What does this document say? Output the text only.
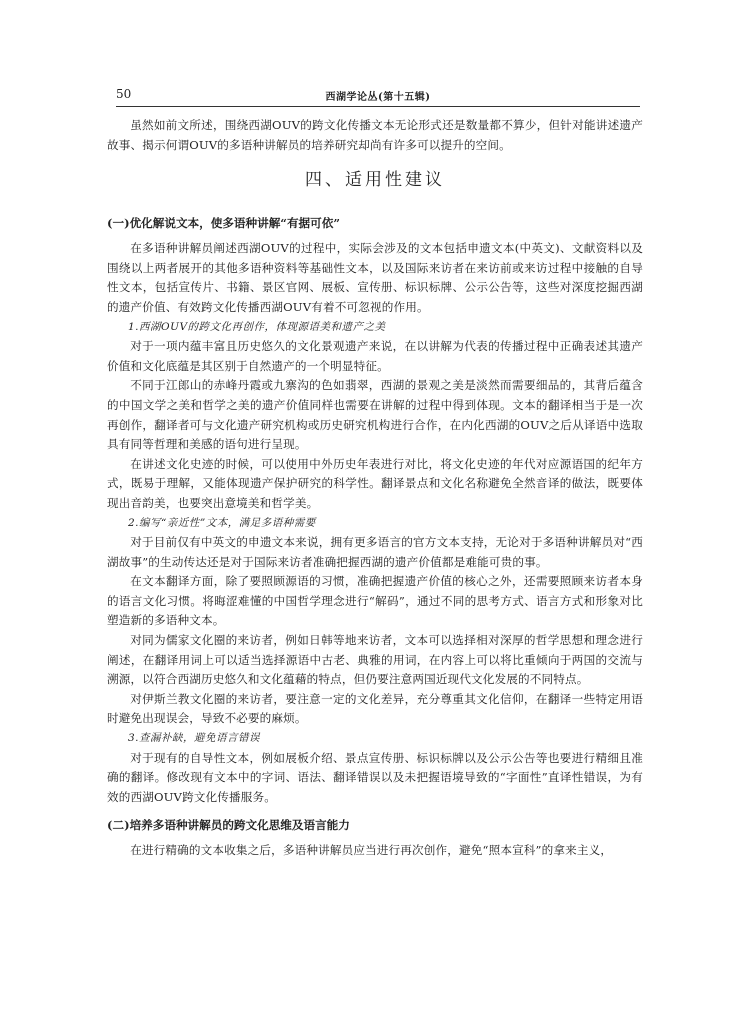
50	西湖学论丛(第十五辑)

虽然如前文所述，围绕西湖OUV的跨文化传播文本无论形式还是数量都不算少，但针对能讲述遗产故事、揭示何谓OUV的多语种讲解员的培养研究却尚有许多可以提升的空间。

四、适用性建议
(一)优化解说文本，使多语种讲解“有据可依”

在多语种讲解员阐述西湖OUV的过程中，实际会涉及的文本包括申遗文本(中英文)、文献资料以及围绕以上两者展开的其他多语种资料等基础性文本，以及国际来访者在来访前或来访过程中接触的自导性文本，包括宣传片、书籍、景区官网、展板、宣传册、标识标牌、公示公告等，这些对深度挖掘西湖的遗产价值、有效跨文化传播西湖OUV有着不可忽视的作用。

1.西湖OUV的跨文化再创作，体现源语美和遗产之美

对于一项内蕴丰富且历史悠久的文化景观遗产来说，在以讲解为代表的传播过程中正确表述其遗产价值和文化底蕴是其区别于自然遗产的一个明显特征。

不同于江郎山的赤峰丹霞或九寨沟的色如翡翠，西湖的景观之美是淡然而需要细品的，其背后蕴含的中国文学之美和哲学之美的遗产价值同样也需要在讲解的过程中得到体现。文本的翻译相当于是一次再创作，翻译者可与文化遗产研究机构或历史研究机构进行合作，在内化西湖的OUV之后从译语中选取具有同等哲理和美感的语句进行呈现。

在讲述文化史迹的时候，可以使用中外历史年表进行对比，将文化史迹的年代对应源语国的纪年方式，既易于理解，又能体现遗产保护研究的科学性。翻译景点和文化名称避免全然音译的做法，既要体现出音韵美，也要突出意境美和哲学美。

2.编写“亲近性”文本，满足多语种需要

对于目前仅有中英文的申遗文本来说，拥有更多语言的官方文本支持，无论对于多语种讲解员对“西湖故事”的生动传达还是对于国际来访者准确把握西湖的遗产价值都是难能可贵的事。

在文本翻译方面，除了要照顾源语的习惯，准确把握遗产价值的核心之外，还需要照顾来访者本身的语言文化习惯。将晦涩难懂的中国哲学理念进行“解码”，通过不同的思考方式、语言方式和形象对比塑造新的多语种文本。

对同为儒家文化圈的来访者，例如日韩等地来访者，文本可以选择相对深厚的哲学思想和理念进行阐述，在翻译用词上可以适当选择源语中古老、典雅的用词，在内容上可以将比重倾向于两国的交流与溯源，以符合西湖历史悠久和文化蕴藉的特点，但仍要注意两国近现代文化发展的不同特点。

对伊斯兰教文化圈的来访者，要注意一定的文化差异，充分尊重其文化信仰，在翻译一些特定用语时避免出现误会，导致不必要的麻烦。

3.查漏补缺，避免语言错误

对于现有的自导性文本，例如展板介绍、景点宣传册、标识标牌以及公示公告等也要进行精细且准确的翻译。修改现有文本中的字词、语法、翻译错误以及未把握语境导致的“字面性”直译性错误，为有效的西湖OUV跨文化传播服务。

(二)培养多语种讲解员的跨文化思维及语言能力

在进行精确的文本收集之后，多语种讲解员应当进行再次创作，避免“照本宣科”的拿来主义，
